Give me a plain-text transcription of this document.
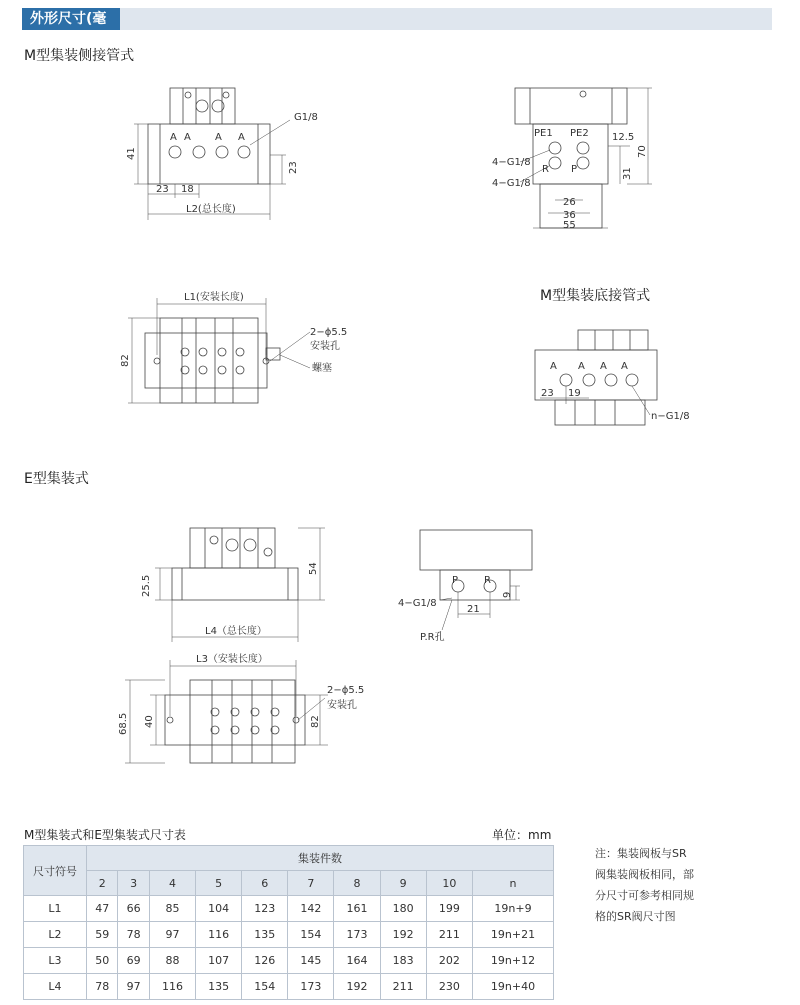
外形尺寸(毫米)
M型集装侧接管式
M型集装底接管式
E型集装式
G1/8
A A A A
41
23
23 18
L2(总长度)
PE1 PE2
R P
4−G1/8
4−G1/8
12.5
70
31
26
36
55
L1(安装长度)
2−ϕ5.5
安装孔
螺塞
82	A A A A
23 19
n−G1/8
25.5
54
L4（总长度）
P	R
4−G1/8
9
21
P.R孔
L3（安装长度）
2−ϕ5.5
安装孔
68.5 40	82
M型集装式和E型集装式尺寸表	单位：mm
尺寸符号	集装件数									
	2	3	4	5	6	7	8	9	10	n
L1	47	66	85	104	123	142	161	180	199	19n+9
L2	59	78	97	116	135	154	173	192	211	19n+21
L3	50	69	88	107	126	145	164	183	202	19n+12
L4	78	97	116	135	154	173	192	211	230	19n+40
注：集装阀板与SR
阀集装阀板相同，部
分尺寸可参考相同规
格的SR阀尺寸图
